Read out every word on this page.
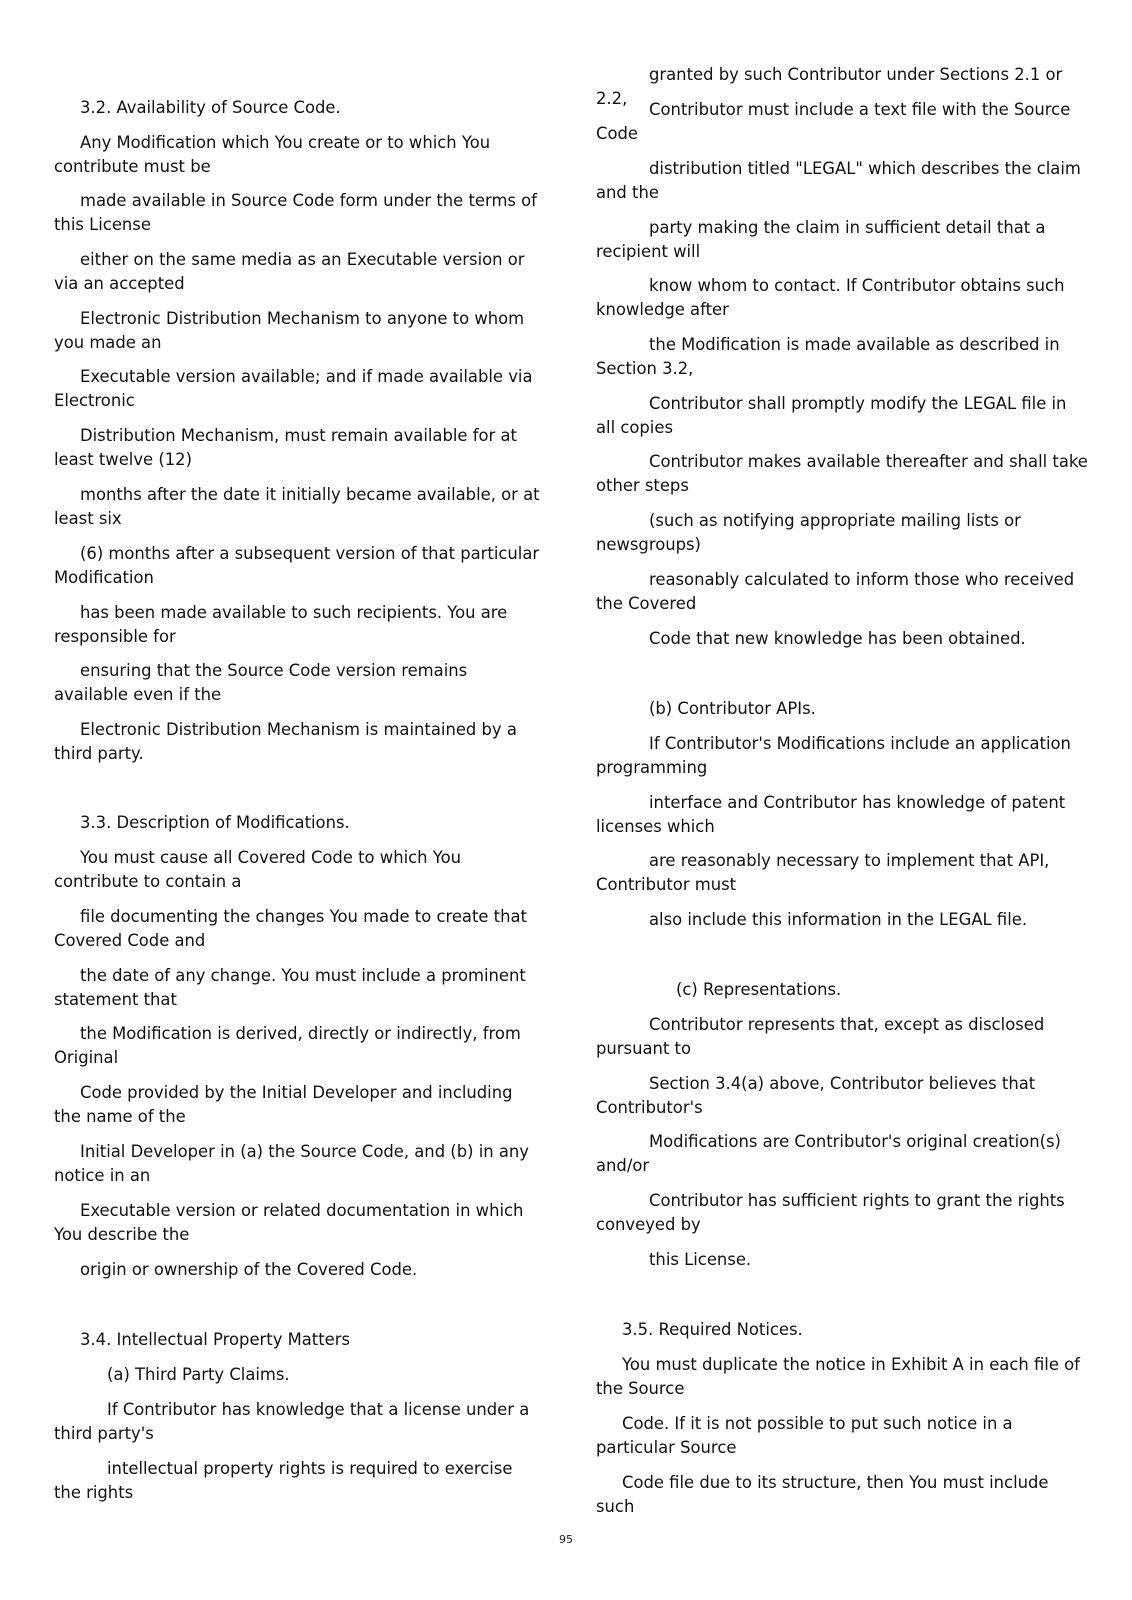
3.2. Availability of Source Code.
Any Modification which You create or to which You contribute must be
made available in Source Code form under the terms of this License
either on the same media as an Executable version or via an accepted
Electronic Distribution Mechanism to anyone to whom you made an
Executable version available; and if made available via Electronic
Distribution Mechanism, must remain available for at least twelve (12)
months after the date it initially became available, or at least six
(6) months after a subsequent version of that particular Modification
has been made available to such recipients. You are responsible for
ensuring that the Source Code version remains available even if the
Electronic Distribution Mechanism is maintained by a third party.
3.3. Description of Modifications.
You must cause all Covered Code to which You contribute to contain a
file documenting the changes You made to create that Covered Code and
the date of any change. You must include a prominent statement that
the Modification is derived, directly or indirectly, from Original
Code provided by the Initial Developer and including the name of the
Initial Developer in (a) the Source Code, and (b) in any notice in an
Executable version or related documentation in which You describe the
origin or ownership of the Covered Code.
3.4. Intellectual Property Matters
(a) Third Party Claims.
If Contributor has knowledge that a license under a third party's
intellectual property rights is required to exercise the rights
granted by such Contributor under Sections 2.1 or 2.2,
Contributor must include a text file with the Source Code
distribution titled "LEGAL" which describes the claim and the
party making the claim in sufficient detail that a recipient will
know whom to contact. If Contributor obtains such knowledge after
the Modification is made available as described in Section 3.2,
Contributor shall promptly modify the LEGAL file in all copies
Contributor makes available thereafter and shall take other steps
(such as notifying appropriate mailing lists or newsgroups)
reasonably calculated to inform those who received the Covered
Code that new knowledge has been obtained.
(b) Contributor APIs.
If Contributor's Modifications include an application programming
interface and Contributor has knowledge of patent licenses which
are reasonably necessary to implement that API, Contributor must
also include this information in the LEGAL file.
(c) Representations.
Contributor represents that, except as disclosed pursuant to
Section 3.4(a) above, Contributor believes that Contributor's
Modifications are Contributor's original creation(s) and/or
Contributor has sufficient rights to grant the rights conveyed by
this License.
3.5. Required Notices.
You must duplicate the notice in Exhibit A in each file of the Source
Code. If it is not possible to put such notice in a particular Source
Code file due to its structure, then You must include such
95
